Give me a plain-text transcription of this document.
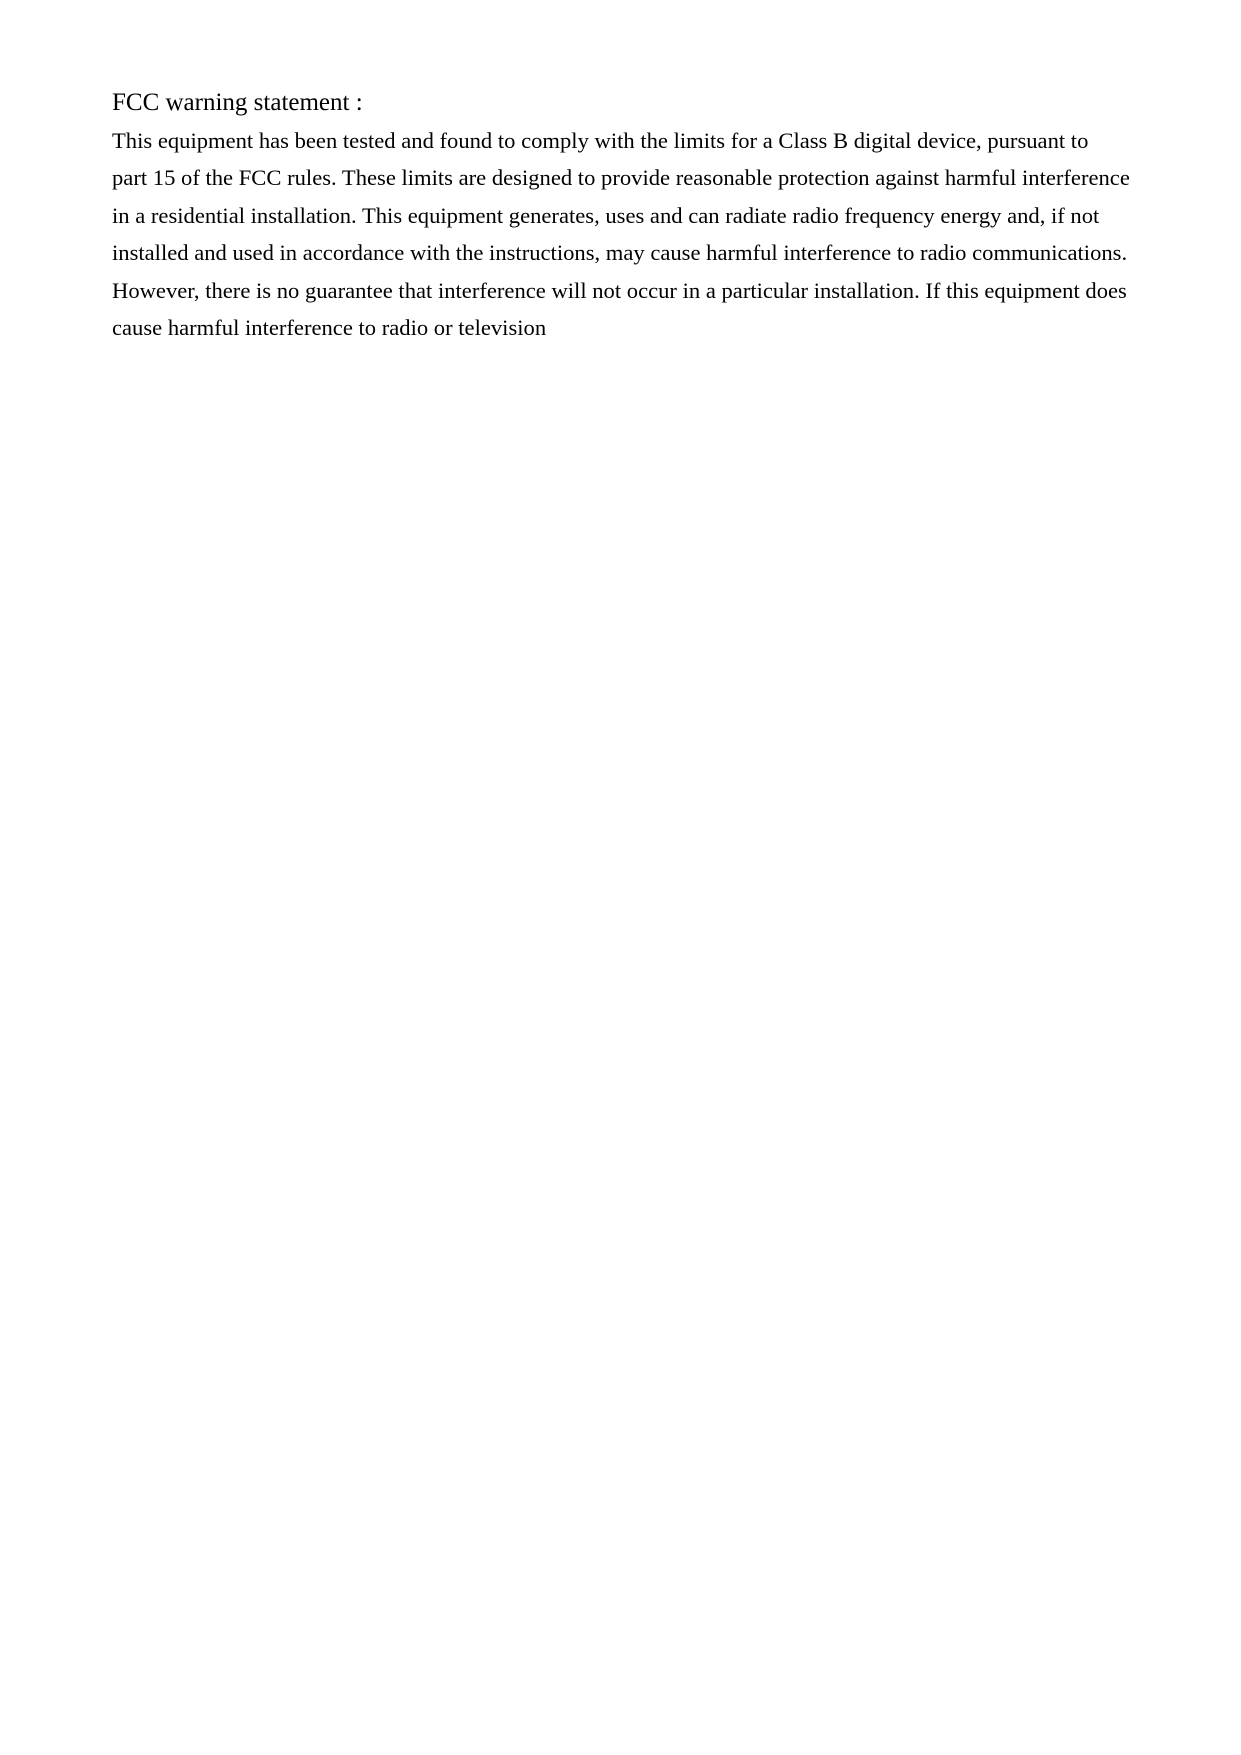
FCC warning statement :

This equipment has been tested and found to comply with the limits for a Class B digital device, pursuant to
part 15 of the FCC rules. These limits are designed to provide reasonable protection against harmful interference
in a residential installation. This equipment generates, uses and can radiate radio frequency energy and, if not
installed and used in accordance with the instructions, may cause harmful interference to radio communications.
However, there is no guarantee that interference will not occur in a particular installation. If this equipment does
cause harmful interference to radio or television
